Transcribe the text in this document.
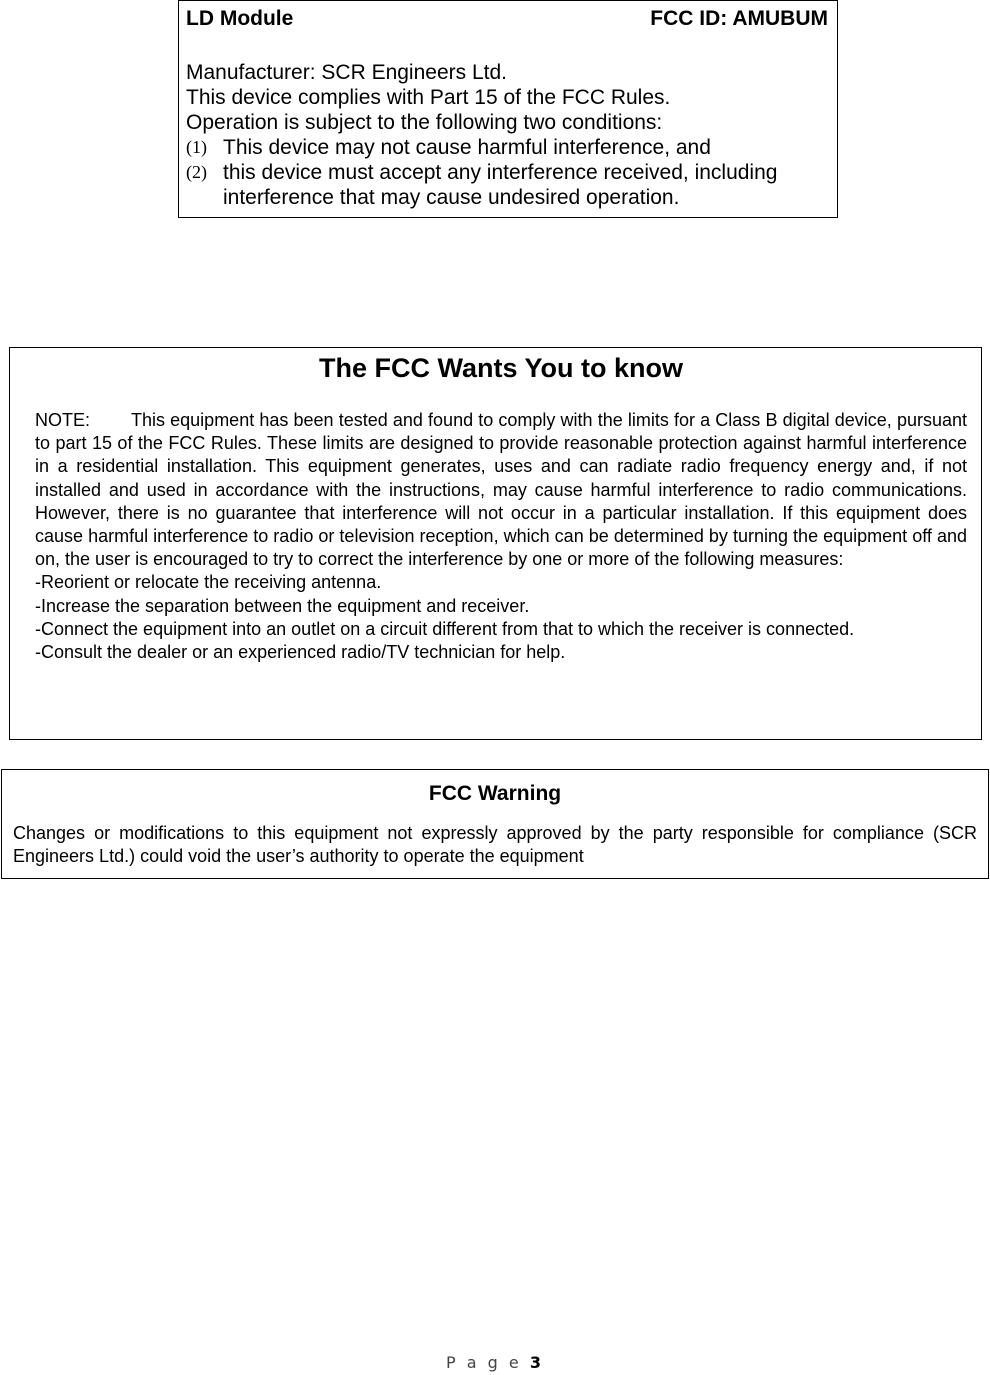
LD Module	FCC ID: AMUBUM
Manufacturer: SCR Engineers Ltd.
This device complies with Part 15 of the FCC Rules.
Operation is subject to the following two conditions:
(1) This device may not cause harmful interference, and
(2) this device must accept any interference received, including
interference that may cause undesired operation.
The FCC Wants You to know

NOTE: This equipment has been tested and found to comply with the limits for a Class B digital device, pursuant to part 15 of the FCC Rules. These limits are designed to provide reasonable protection against harmful interference in a residential installation. This equipment generates, uses and can radiate radio frequency energy and, if not installed and used in accordance with the instructions, may cause harmful interference to radio communications. However, there is no guarantee that interference will not occur in a particular installation. If this equipment does cause harmful interference to radio or television reception, which can be determined by turning the equipment off and on, the user is encouraged to try to correct the interference by one or more of the following measures:

-Reorient or relocate the receiving antenna.

-Increase the separation between the equipment and receiver.

-Connect the equipment into an outlet on a circuit different from that to which the receiver is connected.

-Consult the dealer or an experienced radio/TV technician for help.

FCC Warning
Changes or modifications to this equipment not expressly approved by the party responsible for compliance (SCR Engineers Ltd.) could void the user’s authority to operate the equipment
P a g e 3
